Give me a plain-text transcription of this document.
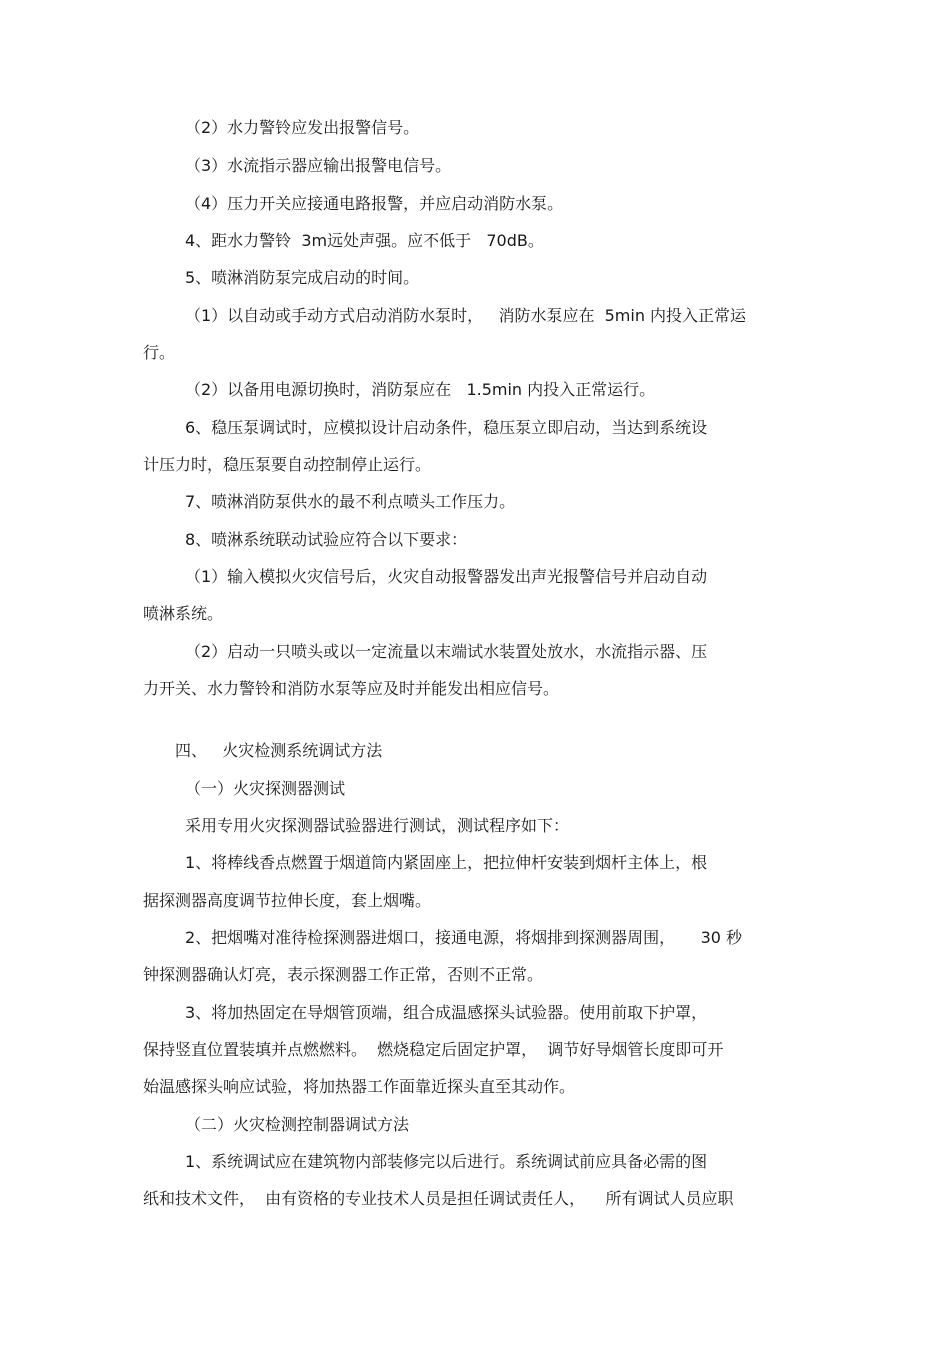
（2）水力警铃应发出报警信号。
（3）水流指示器应输出报警电信号。
（4）压力开关应接通电路报警，并应启动消防水泵。
4、距水力警铃  3m远处声强。应不低于   70dB。
5、喷淋消防泵完成启动的时间。
（1）以自动或手动方式启动消防水泵时，   消防水泵应在  5min 内投入正常运
行。
（2）以备用电源切换时，消防泵应在   1.5min 内投入正常运行。
6、稳压泵调试时，应模拟设计启动条件，稳压泵立即启动，当达到系统设
计压力时，稳压泵要自动控制停止运行。
7、喷淋消防泵供水的最不利点喷头工作压力。
8、喷淋系统联动试验应符合以下要求：
（1）输入模拟火灾信号后，火灾自动报警器发出声光报警信号并启动自动
喷淋系统。
（2）启动一只喷头或以一定流量以末端试水装置处放水，水流指示器、压
力开关、水力警铃和消防水泵等应及时并能发出相应信号。
四、   火灾检测系统调试方法
（一）火灾探测器测试
采用专用火灾探测器试验器进行测试，测试程序如下：
1、将棒线香点燃置于烟道筒内紧固座上，把拉伸杆安装到烟杆主体上，根
据探测器高度调节拉伸长度，套上烟嘴。
2、把烟嘴对准待检探测器进烟口，接通电源，将烟排到探测器周围，     30 秒
钟探测器确认灯亮，表示探测器工作正常，否则不正常。
3、将加热固定在导烟管顶端，组合成温感探头试验器。使用前取下护罩，
保持竖直位置装填并点燃燃料。  燃烧稳定后固定护罩，  调节好导烟管长度即可开
始温感探头响应试验，将加热器工作面靠近探头直至其动作。
（二）火灾检测控制器调试方法
1、系统调试应在建筑物内部装修完以后进行。系统调试前应具备必需的图
纸和技术文件，  由有资格的专业技术人员是担任调试责任人，    所有调试人员应职
